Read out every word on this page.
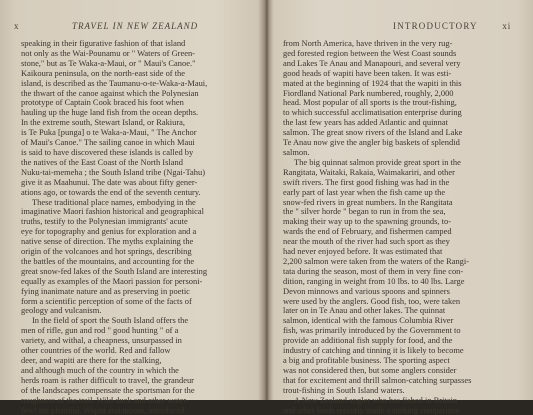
x	TRAVEL IN NEW ZEALAND
speaking in their figurative fashion of that island
not only as the Wai-Pounamu or " Waters of Green-
stone," but as Te Waka-a-Maui, or " Maui's Canoe."
Kaikoura peninsula, on the north-east side of the
island, is described as the Taumanu-o-te-Waka-a-Maui,
the thwart of the canoe against which the Polynesian
prototype of Captain Cook braced his foot when
hauling up the huge land fish from the ocean depths.
In the extreme south, Stewart Island, or Rakiura,
is Te Puka [punga] o te Waka-a-Maui, " The Anchor
of Maui's Canoe." The sailing canoe in which Maui
is said to have discovered these islands is called by
the natives of the East Coast of the North Island
Nuku-tai-memeha ; the South Island tribe (Ngai-Tahu)
give it as Maahunui. The date was about fifty gener-
ations ago, or towards the end of the seventh century.
These traditional place names, embodying in the
imaginative Maori fashion historical and geographical
truths, testify to the Polynesian immigrants' acute
eye for topography and genius for exploration and a
native sense of direction. The myths explaining the
origin of the volcanoes and hot springs, describing
the battles of the mountains, and accounting for the
great snow-fed lakes of the South Island are interesting
equally as examples of the Maori passion for personi-
fying inanimate nature and as preserving in poetic
form a scientific perception of some of the facts of
geology and vulcanism.
In the field of sport the South Island offers the
men of rifle, gun and rod " good hunting " of a
variety, and withal, a cheapness, unsurpassed in
other countries of the world. Red and fallow
deer, and wapiti are there for the stalking,
and although much of the country in which the
herds roam is rather difficult to travel, the grandeur
of the landscapes compensate the sportsman for the
roughness of the trail. Wild duck and other water-
fowl are plentiful. Wapiti and moose, introduced
INTRODUCTORY	xi
from North America, have thriven in the very rug-
ged forested region between the West Coast sounds
and Lakes Te Anau and Manapouri, and several very
good heads of wapiti have been taken. It was esti-
mated at the beginning of 1924 that the wapiti in this
Fiordland National Park numbered, roughly, 2,000
head. Most popular of all sports is the trout-fishing,
to which successful acclimatisation enterprise during
the last few years has added Atlantic and quinnat
salmon. The great snow rivers of the Island and Lake
Te Anau now give the angler big baskets of splendid
salmon.
The big quinnat salmon provide great sport in the
Rangitata, Waitaki, Rakaia, Waimakariri, and other
swift rivers. The first good fishing was had in the
early part of last year when the fish came up the
snow-fed rivers in great numbers. In the Rangitata
the " silver horde " began to run in from the sea,
making their way up to the spawning grounds, to-
wards the end of February, and fishermen camped
near the mouth of the river had such sport as they
had never enjoyed before. It was estimated that
2,200 salmon were taken from the waters of the Rangi-
tata during the season, most of them in very fine con-
dition, ranging in weight from 10 lbs. to 40 lbs. Large
Devon minnows and various spoons and spinners
were used by the anglers. Good fish, too, were taken
later on in Te Anau and other lakes. The quinnat
salmon, identical with the famous Columbia River
fish, was primarily introduced by the Government to
provide an additional fish supply for food, and the
industry of catching and tinning it is likely to become
a big and profitable business. The sporting aspect
was not considered then, but some anglers consider
that for excitement and thrill salmon-catching surpasses
trout-fishing in South Island waters.
A New Zealand angler who has fished in Britain
and other lands recently made a striking comparison
